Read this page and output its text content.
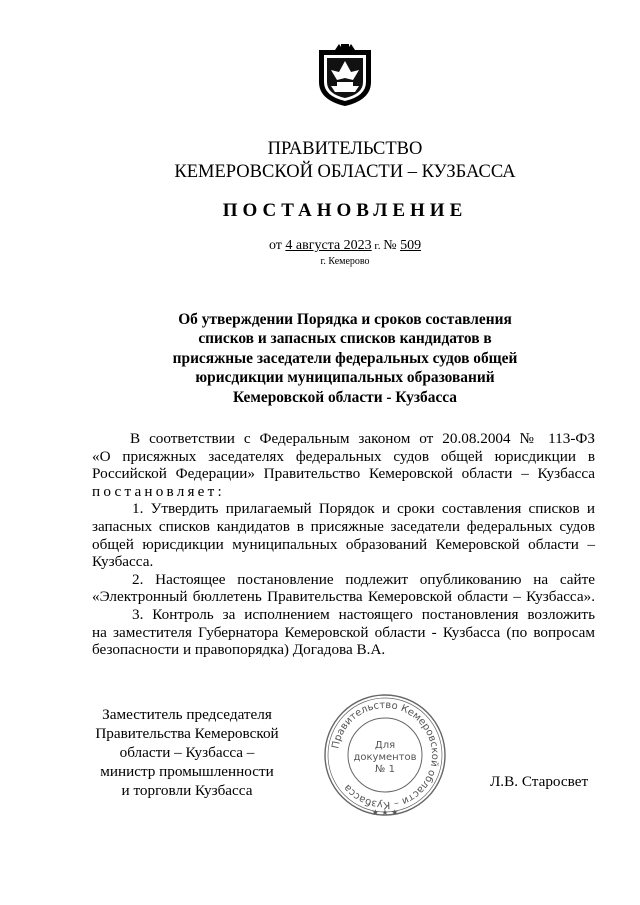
ПРАВИТЕЛЬСТВО
КЕМЕРОВСКОЙ ОБЛАСТИ – КУЗБАССА
ПОСТАНОВЛЕНИЕ
от 4 августа 2023 г. № 509
г. Кемерово
Об утверждении Порядка и сроков составления
списков и запасных списков кандидатов в
присяжные заседатели федеральных судов общей
юрисдикции муниципальных образований
Кемеровской области - Кузбасса
В соответствии с Федеральным законом от 20.08.2004 № 113-ФЗ
«О присяжных заседателях федеральных судов общей юрисдикции в
Российской Федерации» Правительство Кемеровской области – Кузбасса
постановляет:
1. Утвердить прилагаемый Порядок и сроки составления списков и
запасных списков кандидатов в присяжные заседатели федеральных судов
общей юрисдикции муниципальных образований Кемеровской области –
Кузбасса.
2. Настоящее постановление подлежит опубликованию на сайте
«Электронный бюллетень Правительства Кемеровской области – Кузбасса».
3. Контроль за исполнением настоящего постановления возложить
на заместителя Губернатора Кемеровской области - Кузбасса (по вопросам
безопасности и правопорядка) Догадова В.А.
Заместитель председателя
Правительства Кемеровской
области – Кузбасса –
министр промышленности
и торговли Кузбасса
Правительство Кемеровской области – Кузбасса
Для
документов
№ 1
★ ★ ★
Л.В. Старосвет
